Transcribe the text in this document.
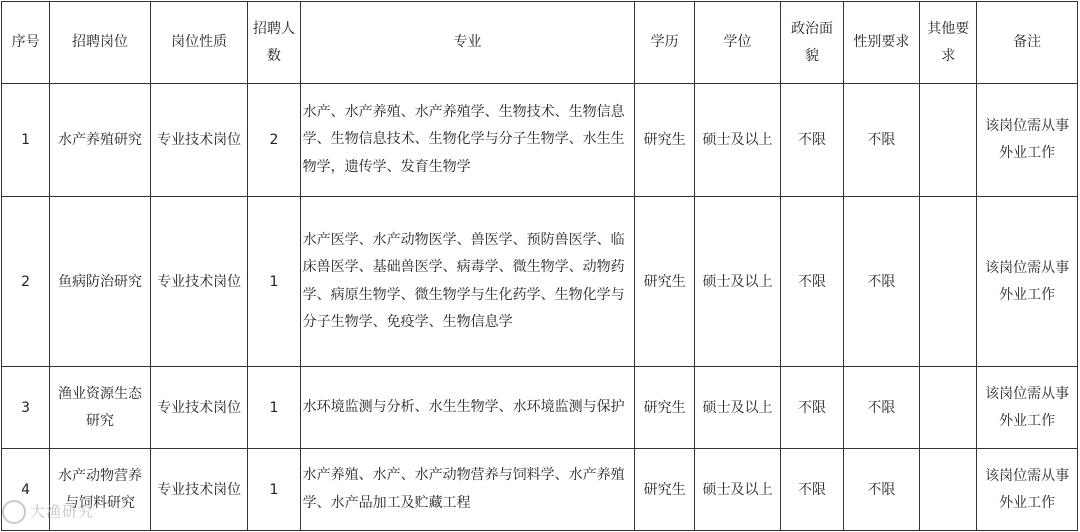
序号	招聘岗位	岗位性质	招聘人数	专业	学历	学位	政治面貌	性别要求	其他要求	备注
1	水产养殖研究	专业技术岗位	2	水产、水产养殖、水产养殖学、生物技术、生物信息学、生物信息技术、生物化学与分子生物学、水生生物学，遗传学、发育生物学	研究生	硕士及以上	不限	不限		该岗位需从事外业工作
2	鱼病防治研究	专业技术岗位	1	水产医学、水产动物医学、兽医学、预防兽医学、临床兽医学、基础兽医学、病毒学、微生物学、动物药学、病原生物学、微生物学与生化药学、生物化学与分子生物学、免疫学、生物信息学	研究生	硕士及以上	不限	不限		该岗位需从事外业工作
3	渔业资源生态研究	专业技术岗位	1	水环境监测与分析、水生生物学、水环境监测与保护	研究生	硕士及以上	不限	不限		该岗位需从事外业工作
4	水产动物营养与饲料研究	专业技术岗位	1	水产养殖、水产、水产动物营养与饲料学、水产养殖学、水产品加工及贮藏工程	研究生	硕士及以上	不限	不限		该岗位需从事外业工作
大渔研究
